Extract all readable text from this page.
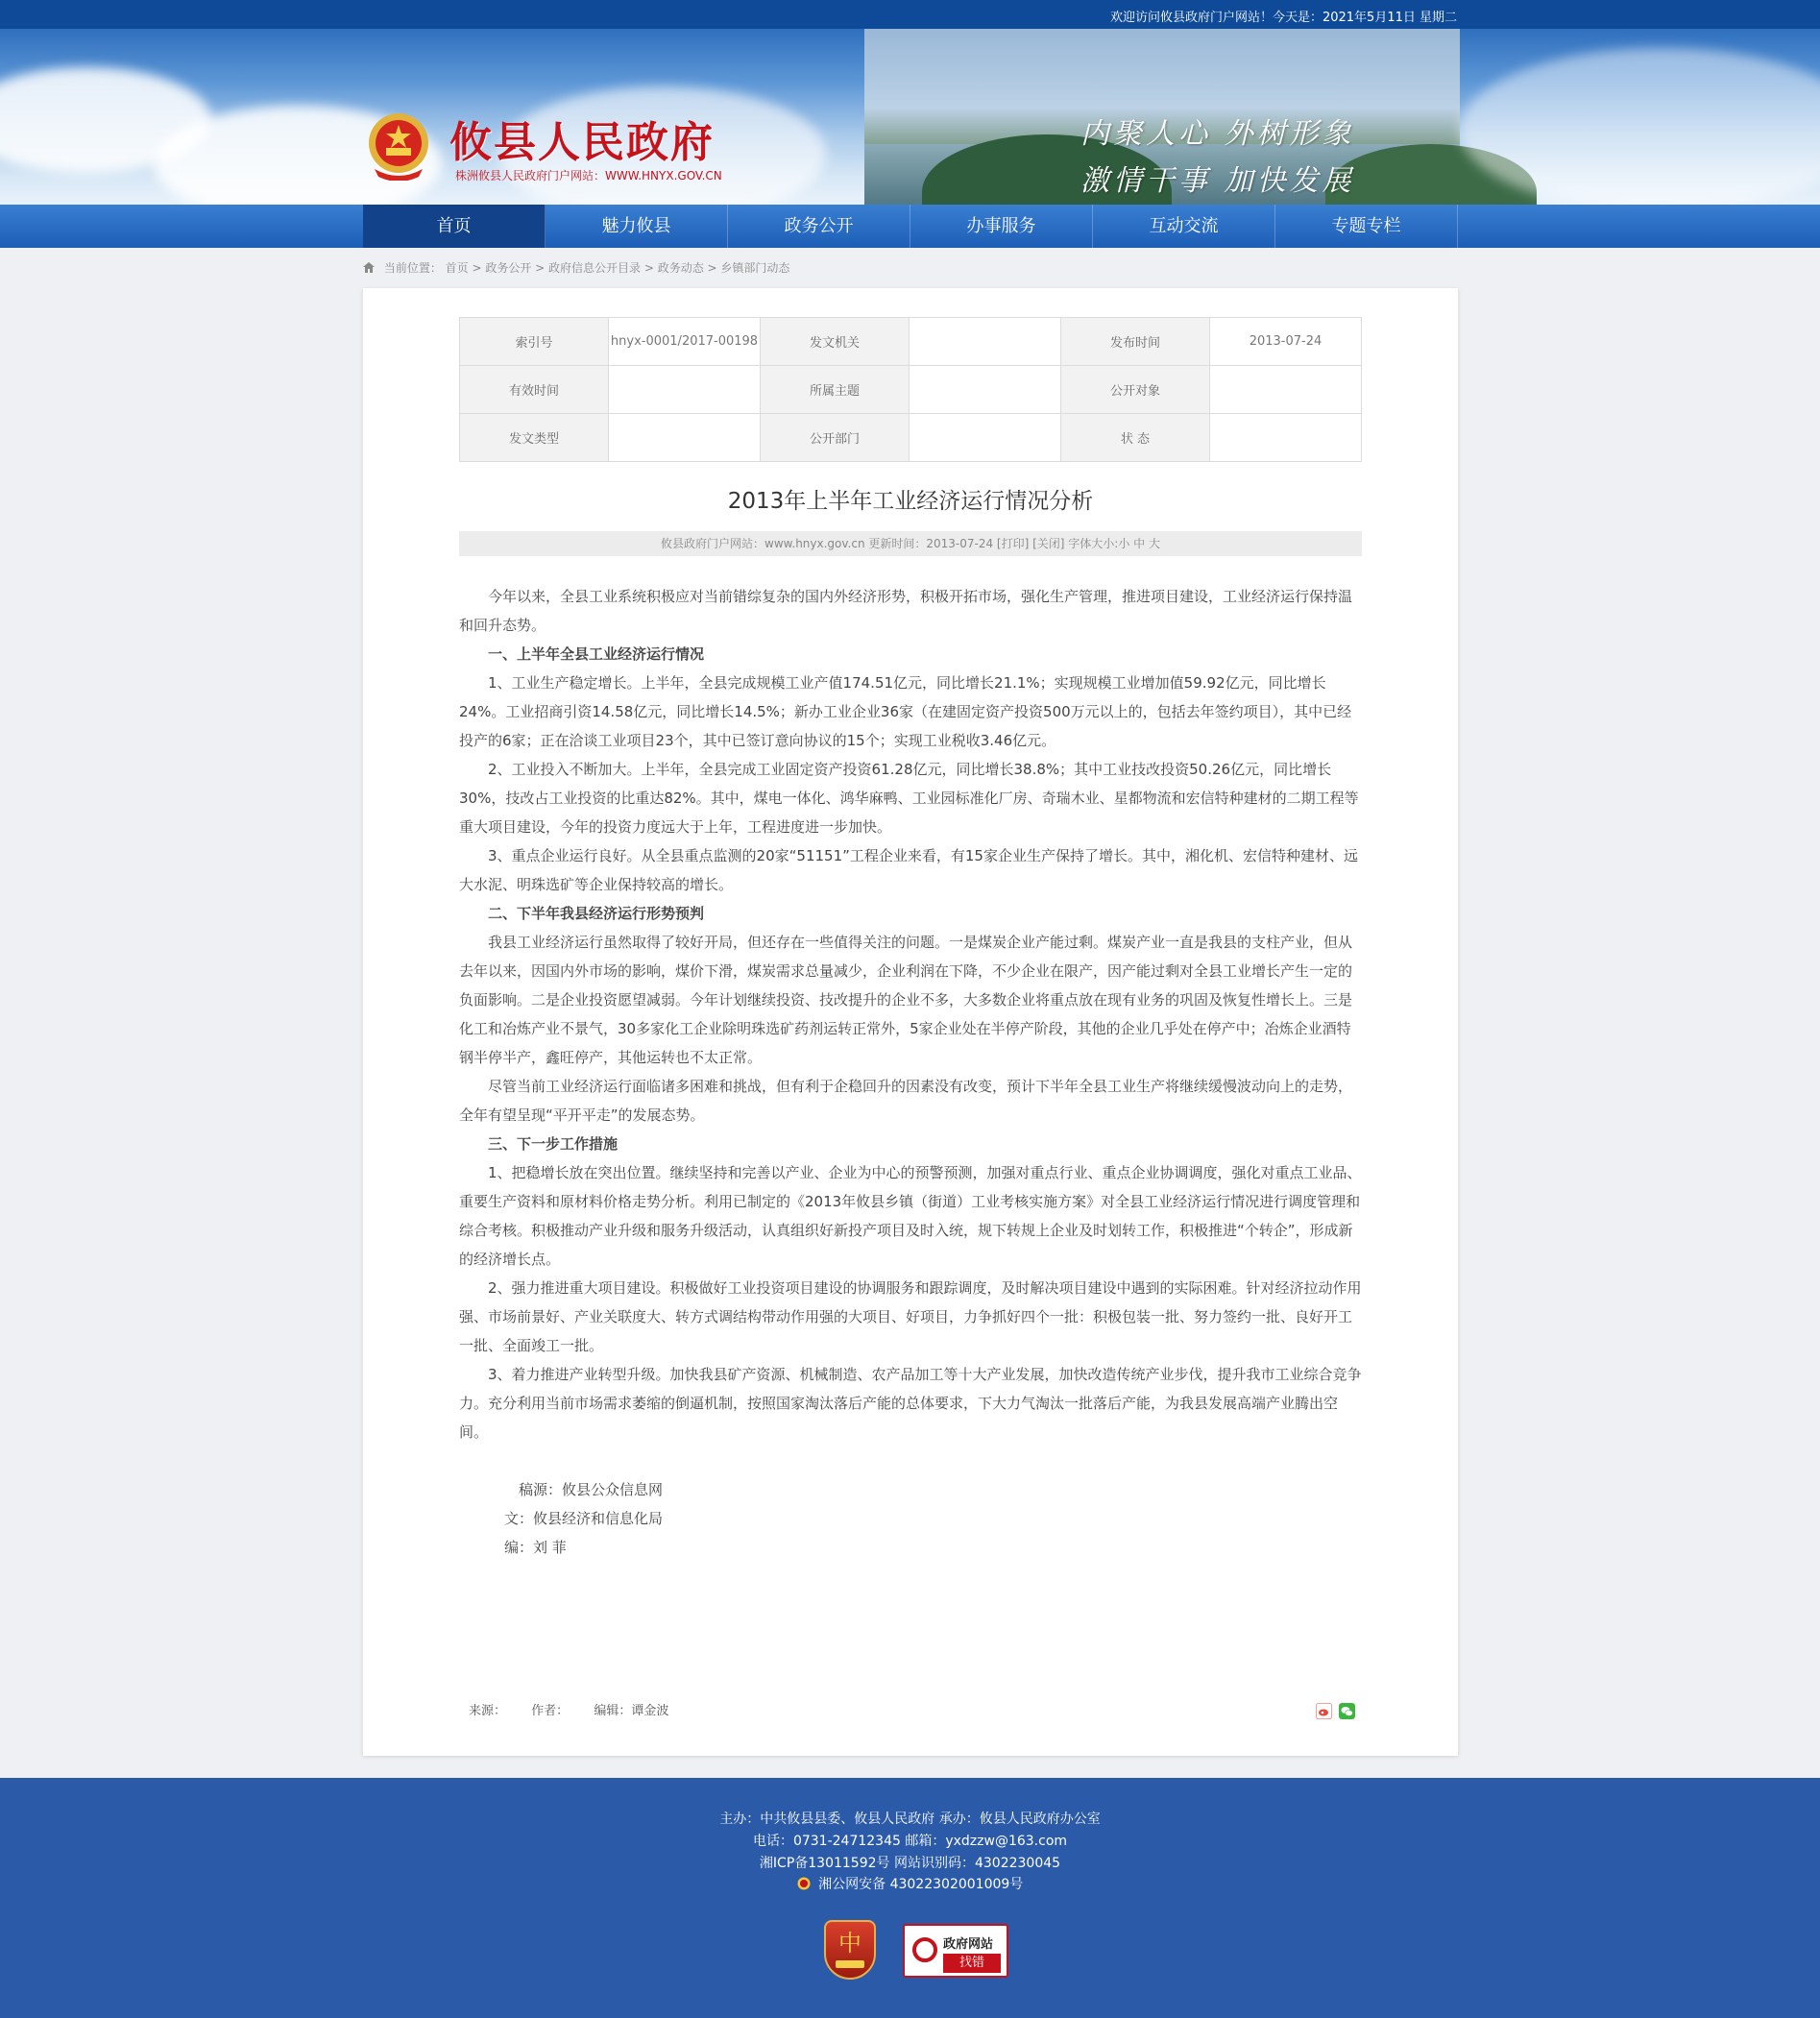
欢迎访问攸县政府门户网站！今天是：2021年5月11日 星期二
攸县人民政府
株洲攸县人民政府门户网站：WWW.HNYX.GOV.CN
内聚人心 外树形象
激情干事 加快发展
首页	魅力攸县	政务公开	办事服务	互动交流	专题专栏
当前位置： 首页 > 政务公开 > 政府信息公开目录 > 政务动态 > 乡镇部门动态
索引号	hnyx-0001/2017-00198	发文机关		发布时间	2013-07-24
有效时间		所属主题		公开对象	
发文类型		公开部门		状 态	
2013年上半年工业经济运行情况分析
攸县政府门户网站：www.hnyx.gov.cn 更新时间：2013-07-24 [打印] [关闭] 字体大小:小 中 大

今年以来，全县工业系统积极应对当前错综复杂的国内外经济形势，积极开拓市场，强化生产管理，推进项目建设，工业经济运行保持温和回升态势。

一、上半年全县工业经济运行情况

1、工业生产稳定增长。上半年，全县完成规模工业产值174.51亿元，同比增长21.1%；实现规模工业增加值59.92亿元，同比增长24%。工业招商引资14.58亿元，同比增长14.5%；新办工业企业36家（在建固定资产投资500万元以上的，包括去年签约项目），其中已经投产的6家；正在洽谈工业项目23个，其中已签订意向协议的15个；实现工业税收3.46亿元。

2、工业投入不断加大。上半年，全县完成工业固定资产投资61.28亿元，同比增长38.8%；其中工业技改投资50.26亿元，同比增长30%，技改占工业投资的比重达82%。其中，煤电一体化、鸿华麻鸭、工业园标准化厂房、奇瑞木业、星都物流和宏信特种建材的二期工程等重大项目建设，今年的投资力度远大于上年，工程进度进一步加快。

3、重点企业运行良好。从全县重点监测的20家“51151”工程企业来看，有15家企业生产保持了增长。其中，湘化机、宏信特种建材、远大水泥、明珠选矿等企业保持较高的增长。

二、下半年我县经济运行形势预判

我县工业经济运行虽然取得了较好开局，但还存在一些值得关注的问题。一是煤炭企业产能过剩。煤炭产业一直是我县的支柱产业，但从去年以来，因国内外市场的影响，煤价下滑，煤炭需求总量减少，企业利润在下降，不少企业在限产，因产能过剩对全县工业增长产生一定的负面影响。二是企业投资愿望减弱。今年计划继续投资、技改提升的企业不多，大多数企业将重点放在现有业务的巩固及恢复性增长上。三是化工和冶炼产业不景气，30多家化工企业除明珠选矿药剂运转正常外，5家企业处在半停产阶段，其他的企业几乎处在停产中；冶炼企业酒特钢半停半产，鑫旺停产，其他运转也不太正常。

尽管当前工业经济运行面临诸多困难和挑战，但有利于企稳回升的因素没有改变，预计下半年全县工业生产将继续缓慢波动向上的走势，全年有望呈现“平开平走”的发展态势。

三、下一步工作措施

1、把稳增长放在突出位置。继续坚持和完善以产业、企业为中心的预警预测，加强对重点行业、重点企业协调调度，强化对重点工业品、重要生产资料和原材料价格走势分析。利用已制定的《2013年攸县乡镇（街道）工业考核实施方案》对全县工业经济运行情况进行调度管理和综合考核。积极推动产业升级和服务升级活动，认真组织好新投产项目及时入统，规下转规上企业及时划转工作，积极推进“个转企”，形成新的经济增长点。

2、强力推进重大项目建设。积极做好工业投资项目建设的协调服务和跟踪调度，及时解决项目建设中遇到的实际困难。针对经济拉动作用强、市场前景好、产业关联度大、转方式调结构带动作用强的大项目、好项目，力争抓好四个一批：积极包装一批、努力签约一批、良好开工一批、全面竣工一批。

3、着力推进产业转型升级。加快我县矿产资源、机械制造、农产品加工等十大产业发展，加快改造传统产业步伐，提升我市工业综合竞争力。充分利用当前市场需求萎缩的倒逼机制，按照国家淘汰落后产能的总体要求，下大力气淘汰一批落后产能，为我县发展高端产业腾出空间。

稿源：攸县公众信息网
文：攸县经济和信息化局
编：刘 菲
来源： 作者： 编辑：谭金波
主办：中共攸县县委、攸县人民政府 承办：攸县人民政府办公室
电话：0731-24712345 邮箱：yxdzzw@163.com
湘ICP备13011592号 网站识别码：4302230045
湘公网安备 43022302001009号
中	政府网站
找错
